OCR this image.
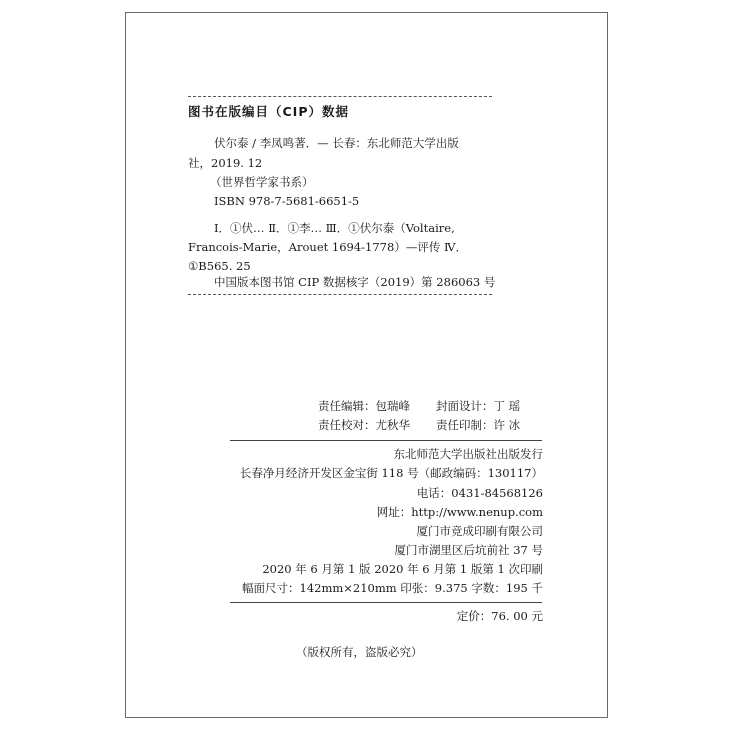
图书在版编目（CIP）数据
伏尔泰 / 李凤鸣著．— 长春：东北师范大学出版
社，2019. 12
（世界哲学家书系）
ISBN 978-7-5681-6651-5
Ⅰ．①伏… Ⅱ．①李… Ⅲ．①伏尔泰（Voltaire,
Francois-Marie，Arouet 1694-1778）—评传 Ⅳ．
①B565. 25
中国版本图书馆 CIP 数据核字（2019）第 286063 号
责任编辑：包瑞峰 封面设计：丁 瑶
责任校对：尤秋华 责任印制：许 冰
东北师范大学出版社出版发行
长春净月经济开发区金宝街 118 号（邮政编码：130117）
电话：0431-84568126
网址：http://www.nenup.com
厦门市竞成印刷有限公司
厦门市湖里区后坑前社 37 号
2020 年 6 月第 1 版 2020 年 6 月第 1 版第 1 次印刷
幅面尺寸：142mm×210mm 印张：9.375 字数：195 千
定价：76. 00 元
（版权所有，盗版必究）
